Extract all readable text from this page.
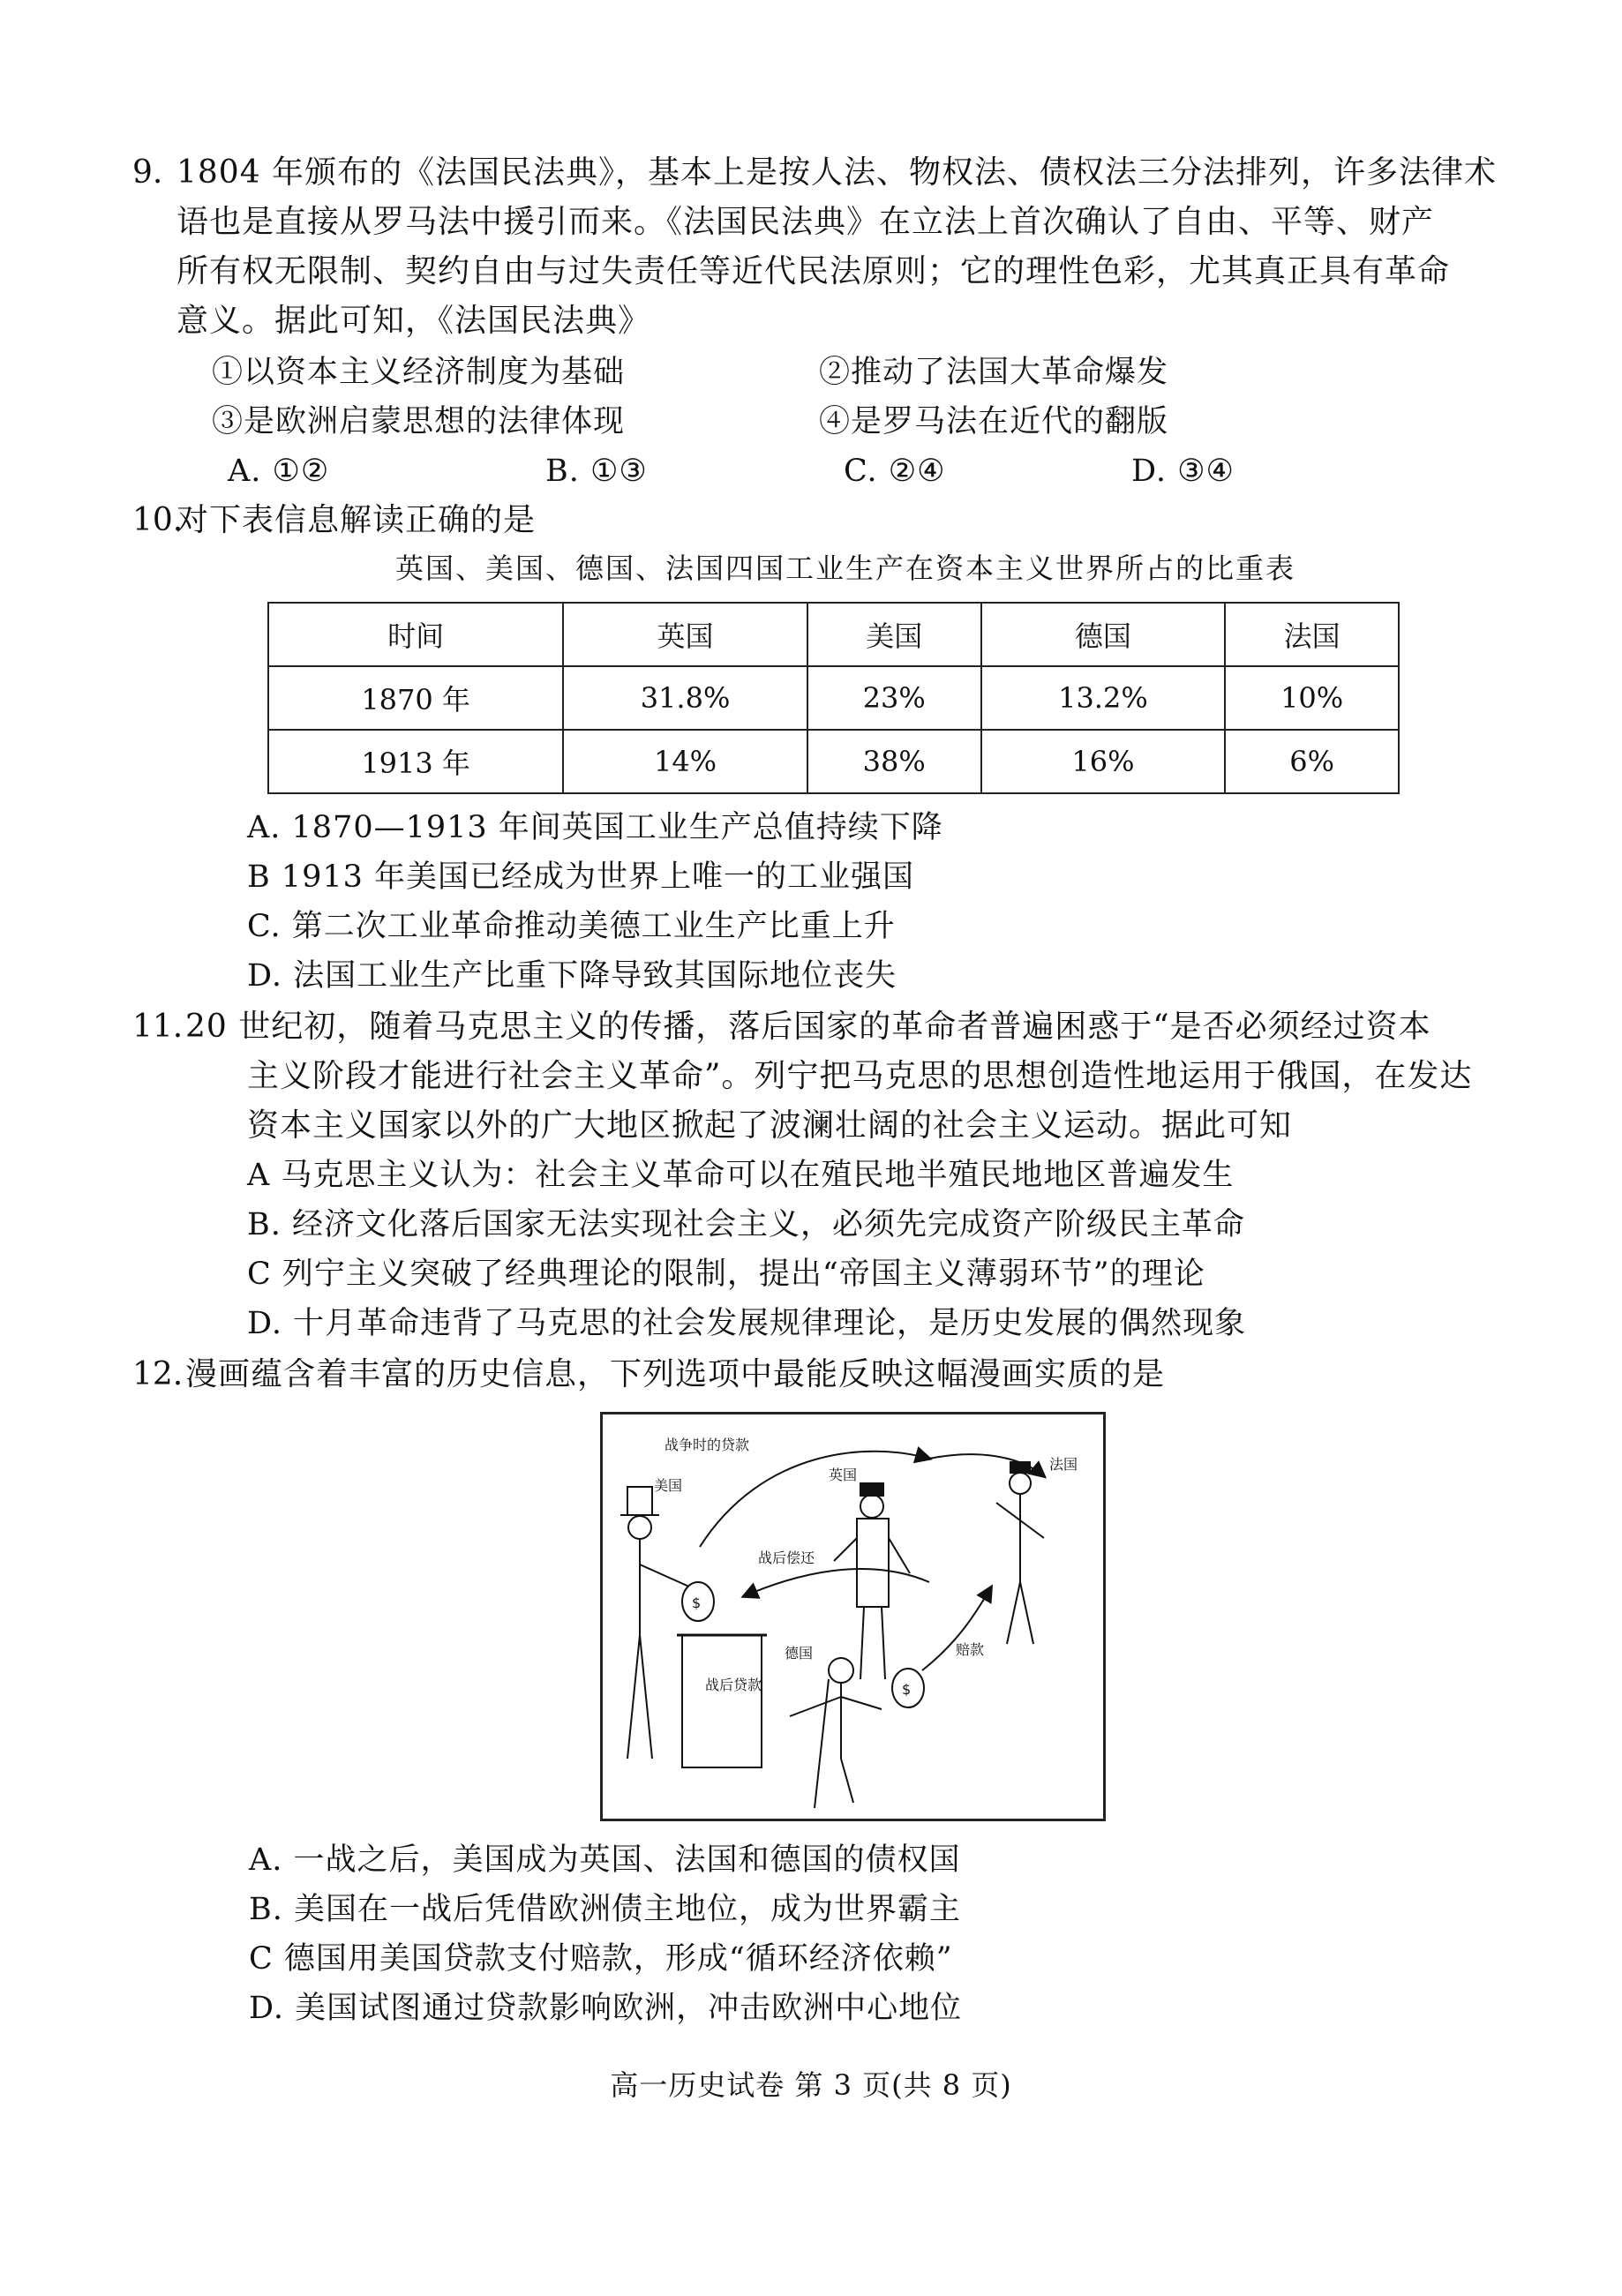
9. 1804 年颁布的《法国民法典》，基本上是按人法、物权法、债权法三分法排列，许多法律术
语也是直接从罗马法中援引而来。《法国民法典》在立法上首次确认了自由、平等、财产
所有权无限制、契约自由与过失责任等近代民法原则；它的理性色彩，尤其真正具有革命
意义。据此可知，《法国民法典》
①以资本主义经济制度为基础	②推动了法国大革命爆发
③是欧洲启蒙思想的法律体现	④是罗马法在近代的翻版
A. ①②	B. ①③	C. ②④	D. ③④
10.
对下表信息解读正确的是
英国、美国、德国、法国四国工业生产在资本主义世界所占的比重表
时间	英国	美国	德国	法国
1870 年	31.8%	23%	13.2%	10%
1913 年	14%	38%	16%	6%
A. 1870—1913 年间英国工业生产总值持续下降
B 1913 年美国已经成为世界上唯一的工业强国
C. 第二次工业革命推动美德工业生产比重上升
D. 法国工业生产比重下降导致其国际地位丧失
11. 20 世纪初，随着马克思主义的传播，落后国家的革命者普遍困惑于“是否必须经过资本
主义阶段才能进行社会主义革命”。列宁把马克思的思想创造性地运用于俄国，在发达
资本主义国家以外的广大地区掀起了波澜壮阔的社会主义运动。据此可知
A 马克思主义认为：社会主义革命可以在殖民地半殖民地地区普遍发生
B. 经济文化落后国家无法实现社会主义，必须先完成资产阶级民主革命
C 列宁主义突破了经典理论的限制，提出“帝国主义薄弱环节”的理论
D. 十月革命违背了马克思的社会发展规律理论，是历史发展的偶然现象
12. 漫画蕴含着丰富的历史信息，下列选项中最能反映这幅漫画实质的是
战争时的贷款
美国
$
战后贷款
英国
法国
战后偿还
德国
$
赔款
A. 一战之后，美国成为英国、法国和德国的债权国
B. 美国在一战后凭借欧洲债主地位，成为世界霸主
C 德国用美国贷款支付赔款，形成“循环经济依赖”
D. 美国试图通过贷款影响欧洲，冲击欧洲中心地位
高一历史试卷 第 3 页(共 8 页)
